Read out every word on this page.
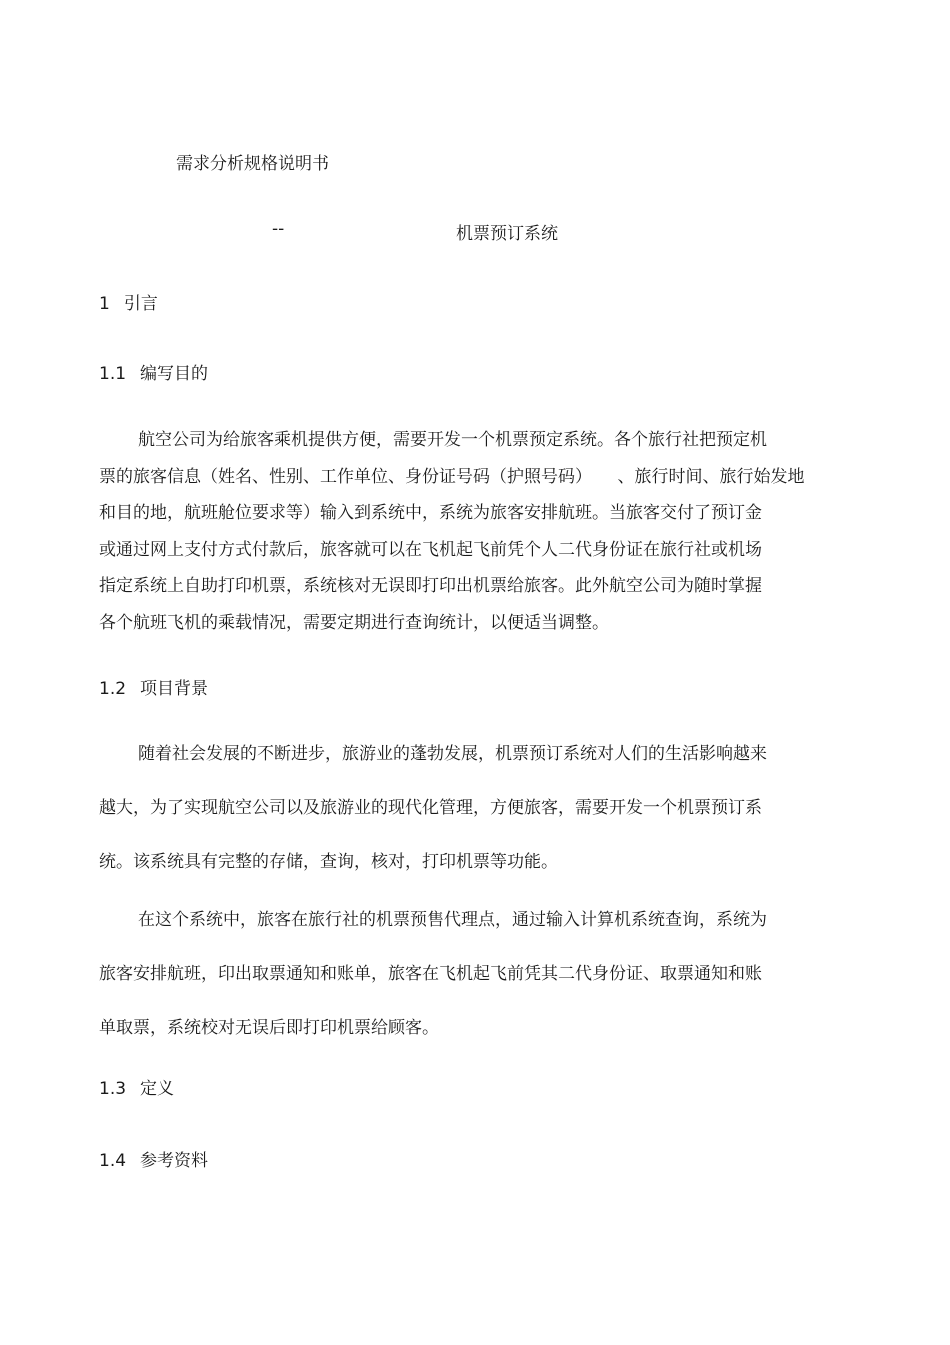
需求分析规格说明书
--	机票预订系统
1 引言
1.1 编写目的
航空公司为给旅客乘机提供方便，需要开发一个机票预定系统。各个旅行社把预定机
票的旅客信息（姓名、性别、工作单位、身份证号码（护照号码）　　、旅行时间、旅行始发地
和目的地，航班舱位要求等）输入到系统中，系统为旅客安排航班。当旅客交付了预订金
或通过网上支付方式付款后，旅客就可以在飞机起飞前凭个人二代身份证在旅行社或机场
指定系统上自助打印机票，系统核对无误即打印出机票给旅客。此外航空公司为随时掌握
各个航班飞机的乘载情况，需要定期进行查询统计，以便适当调整。
1.2 项目背景
随着社会发展的不断进步，旅游业的蓬勃发展，机票预订系统对人们的生活影响越来
越大，为了实现航空公司以及旅游业的现代化管理，方便旅客，需要开发一个机票预订系
统。该系统具有完整的存储，查询，核对，打印机票等功能。
在这个系统中，旅客在旅行社的机票预售代理点，通过输入计算机系统查询，系统为
旅客安排航班，印出取票通知和账单，旅客在飞机起飞前凭其二代身份证、取票通知和账
单取票，系统校对无误后即打印机票给顾客。
1.3 定义
1.4 参考资料
